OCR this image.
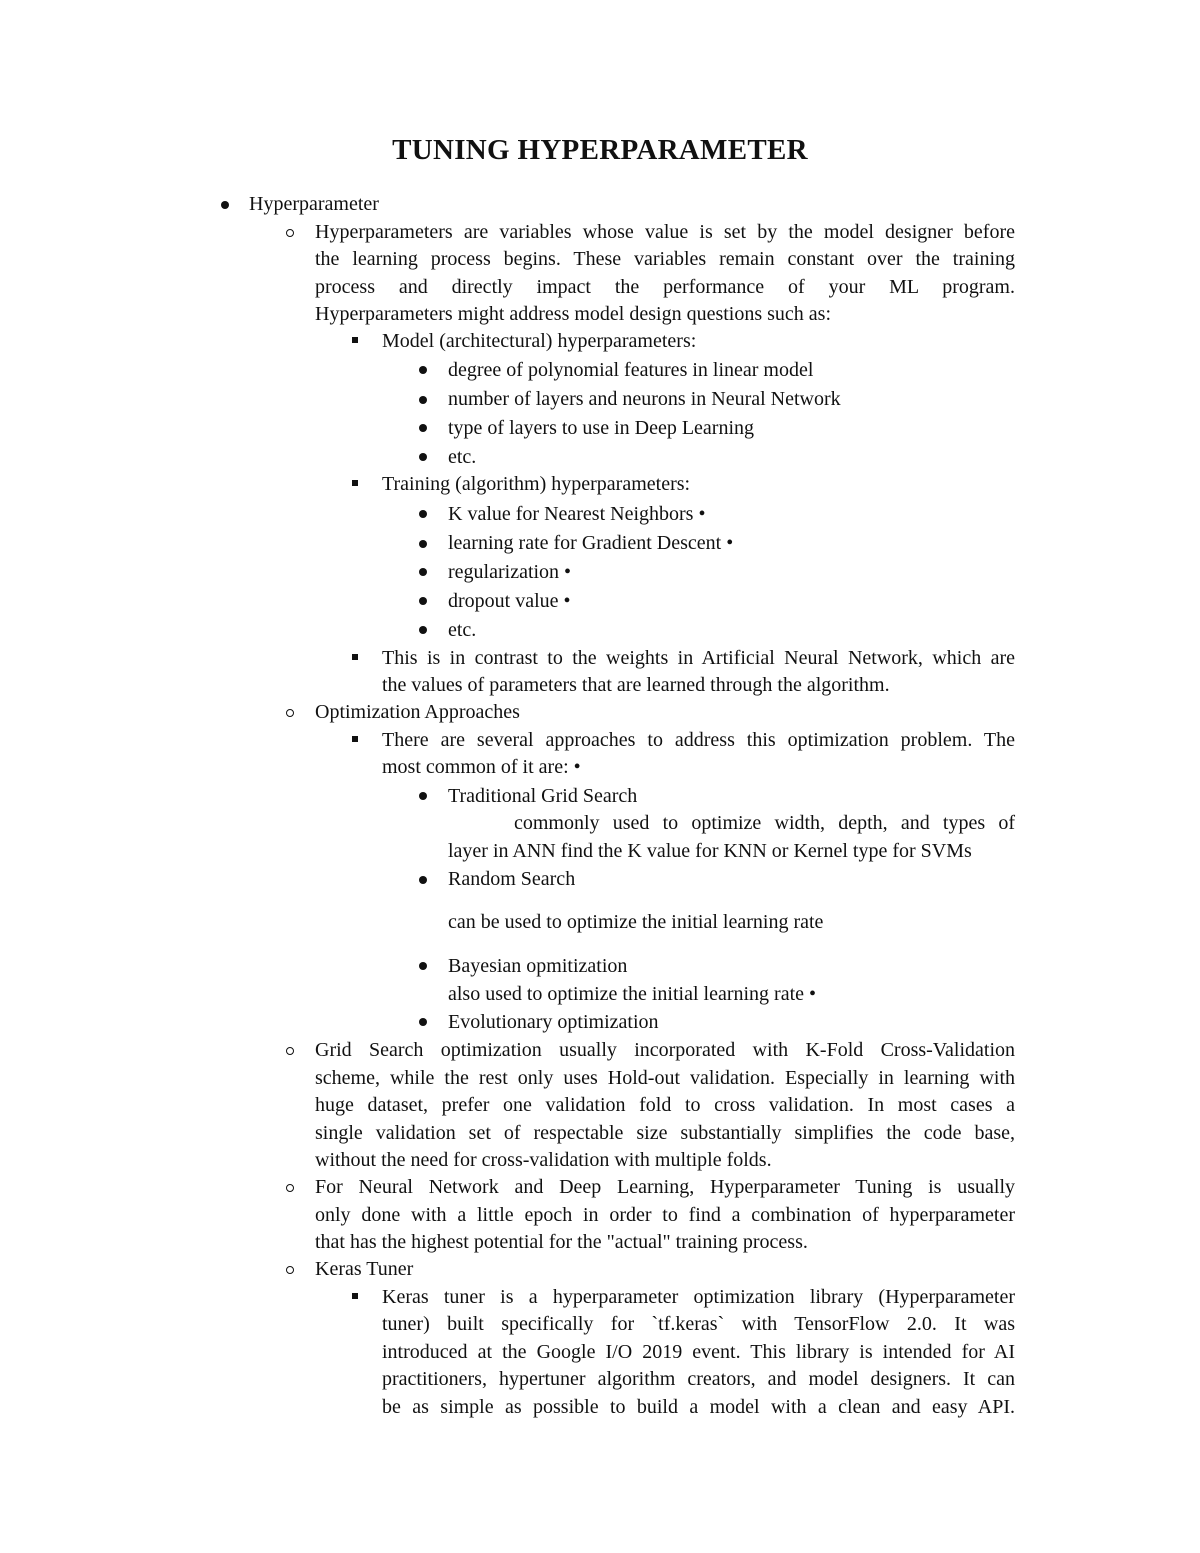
TUNING HYPERPARAMETER
Hyperparameter
Hyperparameters are variables whose value is set by the model designer before
the learning process begins. These variables remain constant over the training
process and directly impact the performance of your ML program.
Hyperparameters might address model design questions such as:
Model (architectural) hyperparameters:
degree of polynomial features in linear model
number of layers and neurons in Neural Network
type of layers to use in Deep Learning
etc.
Training (algorithm) hyperparameters:
K value for Nearest Neighbors •
learning rate for Gradient Descent •
regularization •
dropout value •
etc.
This is in contrast to the weights in Artificial Neural Network, which are
the values of parameters that are learned through the algorithm.
Optimization Approaches
There are several approaches to address this optimization problem. The
most common of it are: •
Traditional Grid Search
commonly used to optimize width, depth, and types of
layer in ANN find the K value for KNN or Kernel type for SVMs
Random Search
can be used to optimize the initial learning rate
Bayesian opmitization
also used to optimize the initial learning rate •
Evolutionary optimization
Grid Search optimization usually incorporated with K-Fold Cross-Validation
scheme, while the rest only uses Hold-out validation. Especially in learning with
huge dataset, prefer one validation fold to cross validation. In most cases a
single validation set of respectable size substantially simplifies the code base,
without the need for cross-validation with multiple folds.
For Neural Network and Deep Learning, Hyperparameter Tuning is usually
only done with a little epoch in order to find a combination of hyperparameter
that has the highest potential for the "actual" training process.
Keras Tuner
Keras tuner is a hyperparameter optimization library (Hyperparameter
tuner) built specifically for `tf.keras` with TensorFlow 2.0. It was
introduced at the Google I/O 2019 event. This library is intended for AI
practitioners, hypertuner algorithm creators, and model designers. It can
be as simple as possible to build a model with a clean and easy API.
